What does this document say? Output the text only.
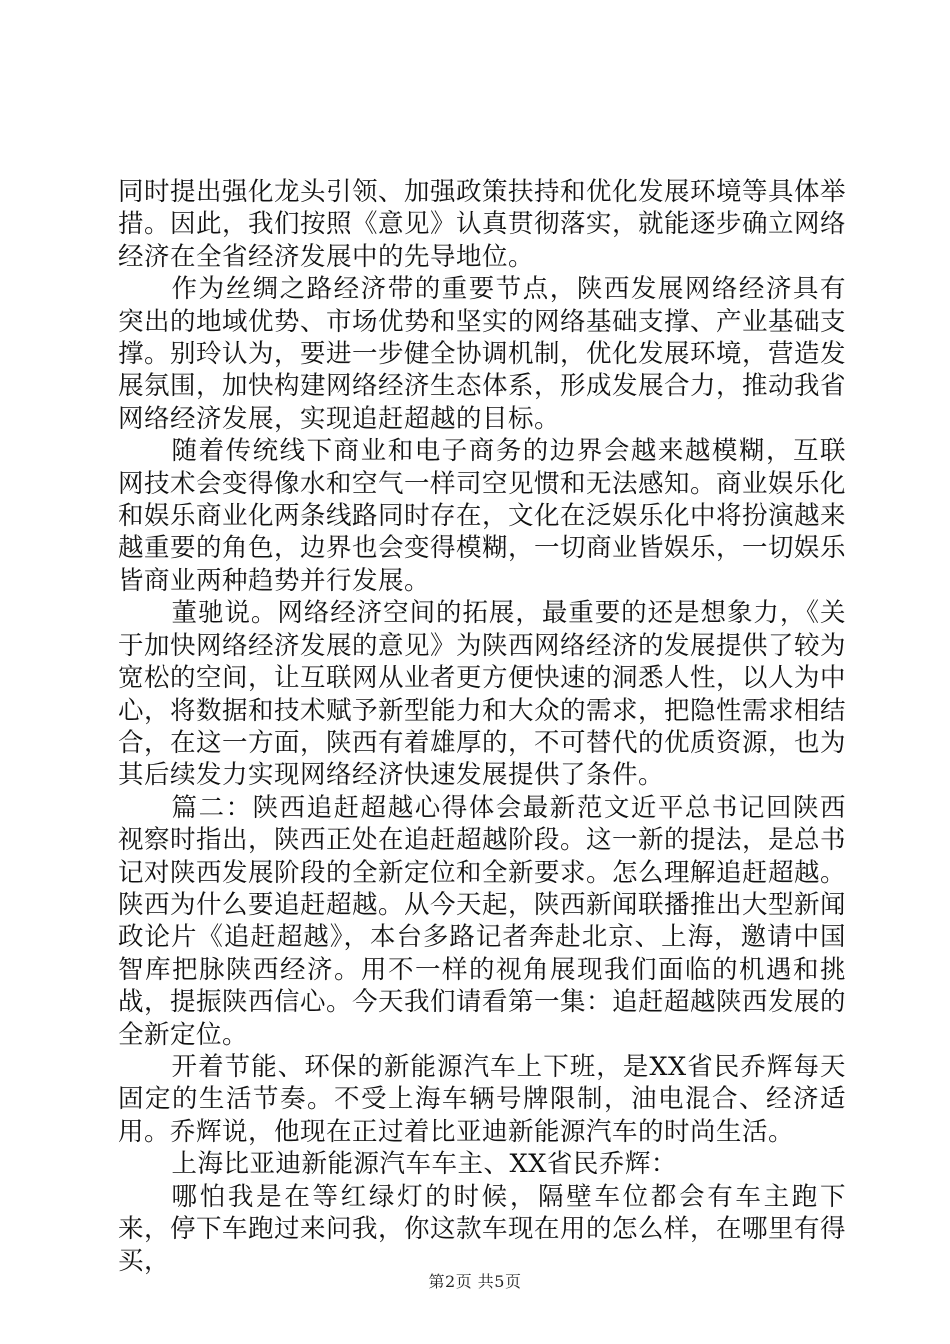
同时提出强化龙头引领、加强政策扶持和优化发展环境等具体举措。因此，我们按照《意见》认真贯彻落实，就能逐步确立网络经济在全省经济发展中的先导地位。

作为丝绸之路经济带的重要节点，陕西发展网络经济具有突出的地域优势、市场优势和坚实的网络基础支撑、产业基础支撑。别玲认为，要进一步健全协调机制，优化发展环境，营造发展氛围，加快构建网络经济生态体系，形成发展合力，推动我省网络经济发展，实现追赶超越的目标。

随着传统线下商业和电子商务的边界会越来越模糊，互联网技术会变得像水和空气一样司空见惯和无法感知。商业娱乐化和娱乐商业化两条线路同时存在，文化在泛娱乐化中将扮演越来越重要的角色，边界也会变得模糊，一切商业皆娱乐，一切娱乐皆商业两种趋势并行发展。

董驰说。网络经济空间的拓展，最重要的还是想象力，《关于加快网络经济发展的意见》为陕西网络经济的发展提供了较为宽松的空间，让互联网从业者更方便快速的洞悉人性，以人为中心，将数据和技术赋予新型能力和大众的需求，把隐性需求相结合，在这一方面，陕西有着雄厚的，不可替代的优质资源，也为其后续发力实现网络经济快速发展提供了条件。

篇二：陕西追赶超越心得体会最新范文近平总书记回陕西视察时指出，陕西正处在追赶超越阶段。这一新的提法，是总书记对陕西发展阶段的全新定位和全新要求。怎么理解追赶超越。陕西为什么要追赶超越。从今天起，陕西新闻联播推出大型新闻政论片《追赶超越》，本台多路记者奔赴北京、上海，邀请中国智库把脉陕西经济。用不一样的视角展现我们面临的机遇和挑战，提振陕西信心。今天我们请看第一集：追赶超越陕西发展的全新定位。

开着节能、环保的新能源汽车上下班，是XX省民乔辉每天固定的生活节奏。不受上海车辆号牌限制，油电混合、经济适用。乔辉说，他现在正过着比亚迪新能源汽车的时尚生活。

上海比亚迪新能源汽车车主、XX省民乔辉：

哪怕我是在等红绿灯的时候，隔壁车位都会有车主跑下来，停下车跑过来问我，你这款车现在用的怎么样，在哪里有得买，

第2页 共5页
